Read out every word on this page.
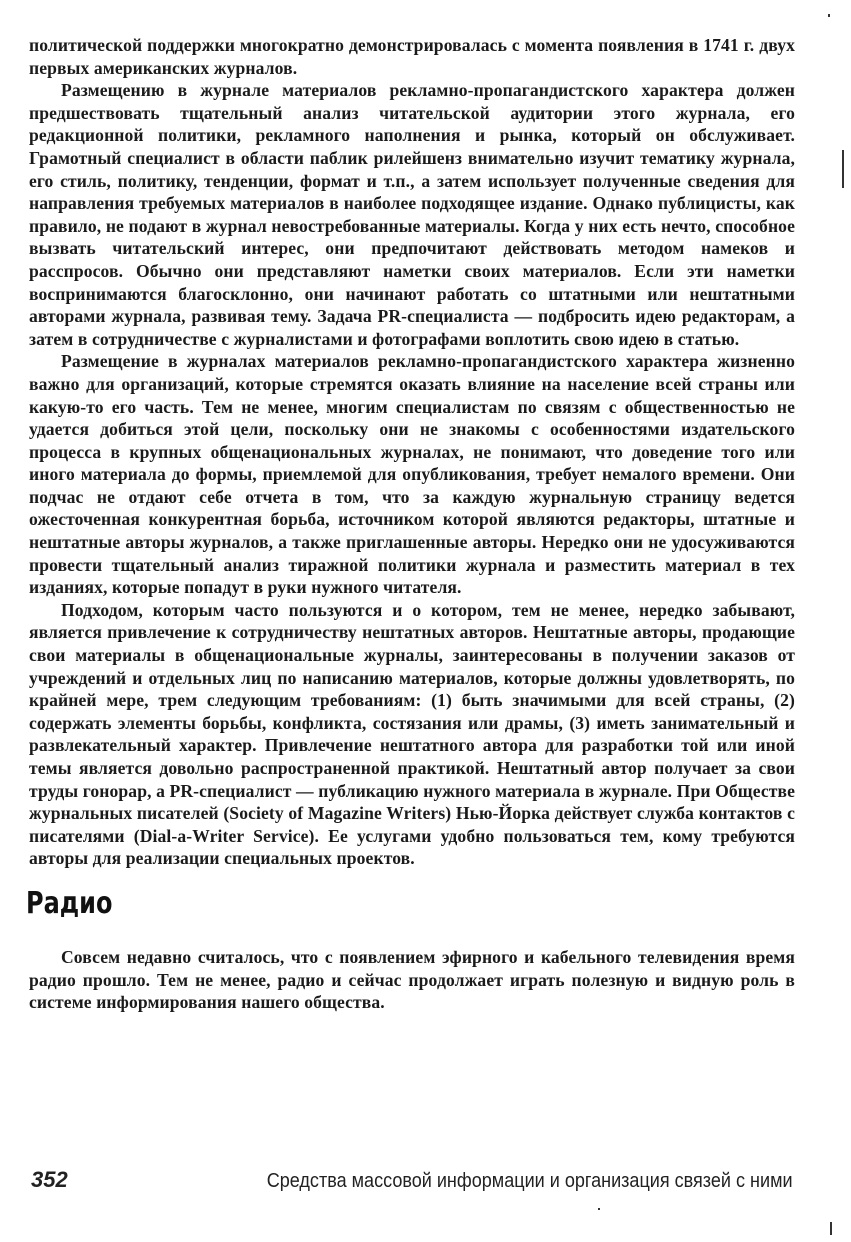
политической поддержки многократно демонстрировалась с момента появления в 1741 г. двух первых американских журналов.

Размещению в журнале материалов рекламно-пропагандистского характера должен предшествовать тщательный анализ читательской аудитории этого журнала, его редакционной политики, рекламного наполнения и рынка, который он обслуживает. Грамотный специалист в области паблик рилейшенз внимательно изучит тематику журнала, его стиль, политику, тенденции, формат и т.п., а затем использует полученные сведения для направления требуемых материалов в наиболее подходящее издание. Однако публицисты, как правило, не подают в журнал невостребованные материалы. Когда у них есть нечто, способное вызвать читательский интерес, они предпочитают действовать методом намеков и расспросов. Обычно они представляют наметки своих материалов. Если эти наметки воспринимаются благосклонно, они начинают работать со штатными или нештатными авторами журнала, развивая тему. Задача PR-специалиста — подбросить идею редакторам, а затем в сотрудничестве с журналистами и фотографами воплотить свою идею в статью.

Размещение в журналах материалов рекламно-пропагандистского характера жизненно важно для организаций, которые стремятся оказать влияние на население всей страны или какую-то его часть. Тем не менее, многим специалистам по связям с общественностью не удается добиться этой цели, поскольку они не знакомы с особенностями издательского процесса в крупных общенациональных журналах, не понимают, что доведение того или иного материала до формы, приемлемой для опубликования, требует немалого времени. Они подчас не отдают себе отчета в том, что за каждую журнальную страницу ведется ожесточенная конкурентная борьба, источником которой являются редакторы, штатные и нештатные авторы журналов, а также приглашенные авторы. Нередко они не удосуживаются провести тщательный анализ тиражной политики журнала и разместить материал в тех изданиях, которые попадут в руки нужного читателя.

Подходом, которым часто пользуются и о котором, тем не менее, нередко забывают, является привлечение к сотрудничеству нештатных авторов. Нештатные авторы, продающие свои материалы в общенациональные журналы, заинтересованы в получении заказов от учреждений и отдельных лиц по написанию материалов, которые должны удовлетворять, по крайней мере, трем следующим требованиям: (1) быть значимыми для всей страны, (2) содержать элементы борьбы, конфликта, состязания или драмы, (3) иметь занимательный и развлекательный характер. Привлечение нештатного автора для разработки той или иной темы является довольно распространенной практикой. Нештатный автор получает за свои труды гонорар, а PR-специалист — публикацию нужного материала в журнале. При Обществе журнальных писателей (Society of Magazine Writers) Нью-Йорка действует служба контактов с писателями (Dial-a-Writer Service). Ее услугами удобно пользоваться тем, кому требуются авторы для реализации специальных проектов.

Радио

Совсем недавно считалось, что с появлением эфирного и кабельного телевидения время радио прошло. Тем не менее, радио и сейчас продолжает играть полезную и видную роль в системе информирования нашего общества.

352	Средства массовой информации и организация связей с ними
